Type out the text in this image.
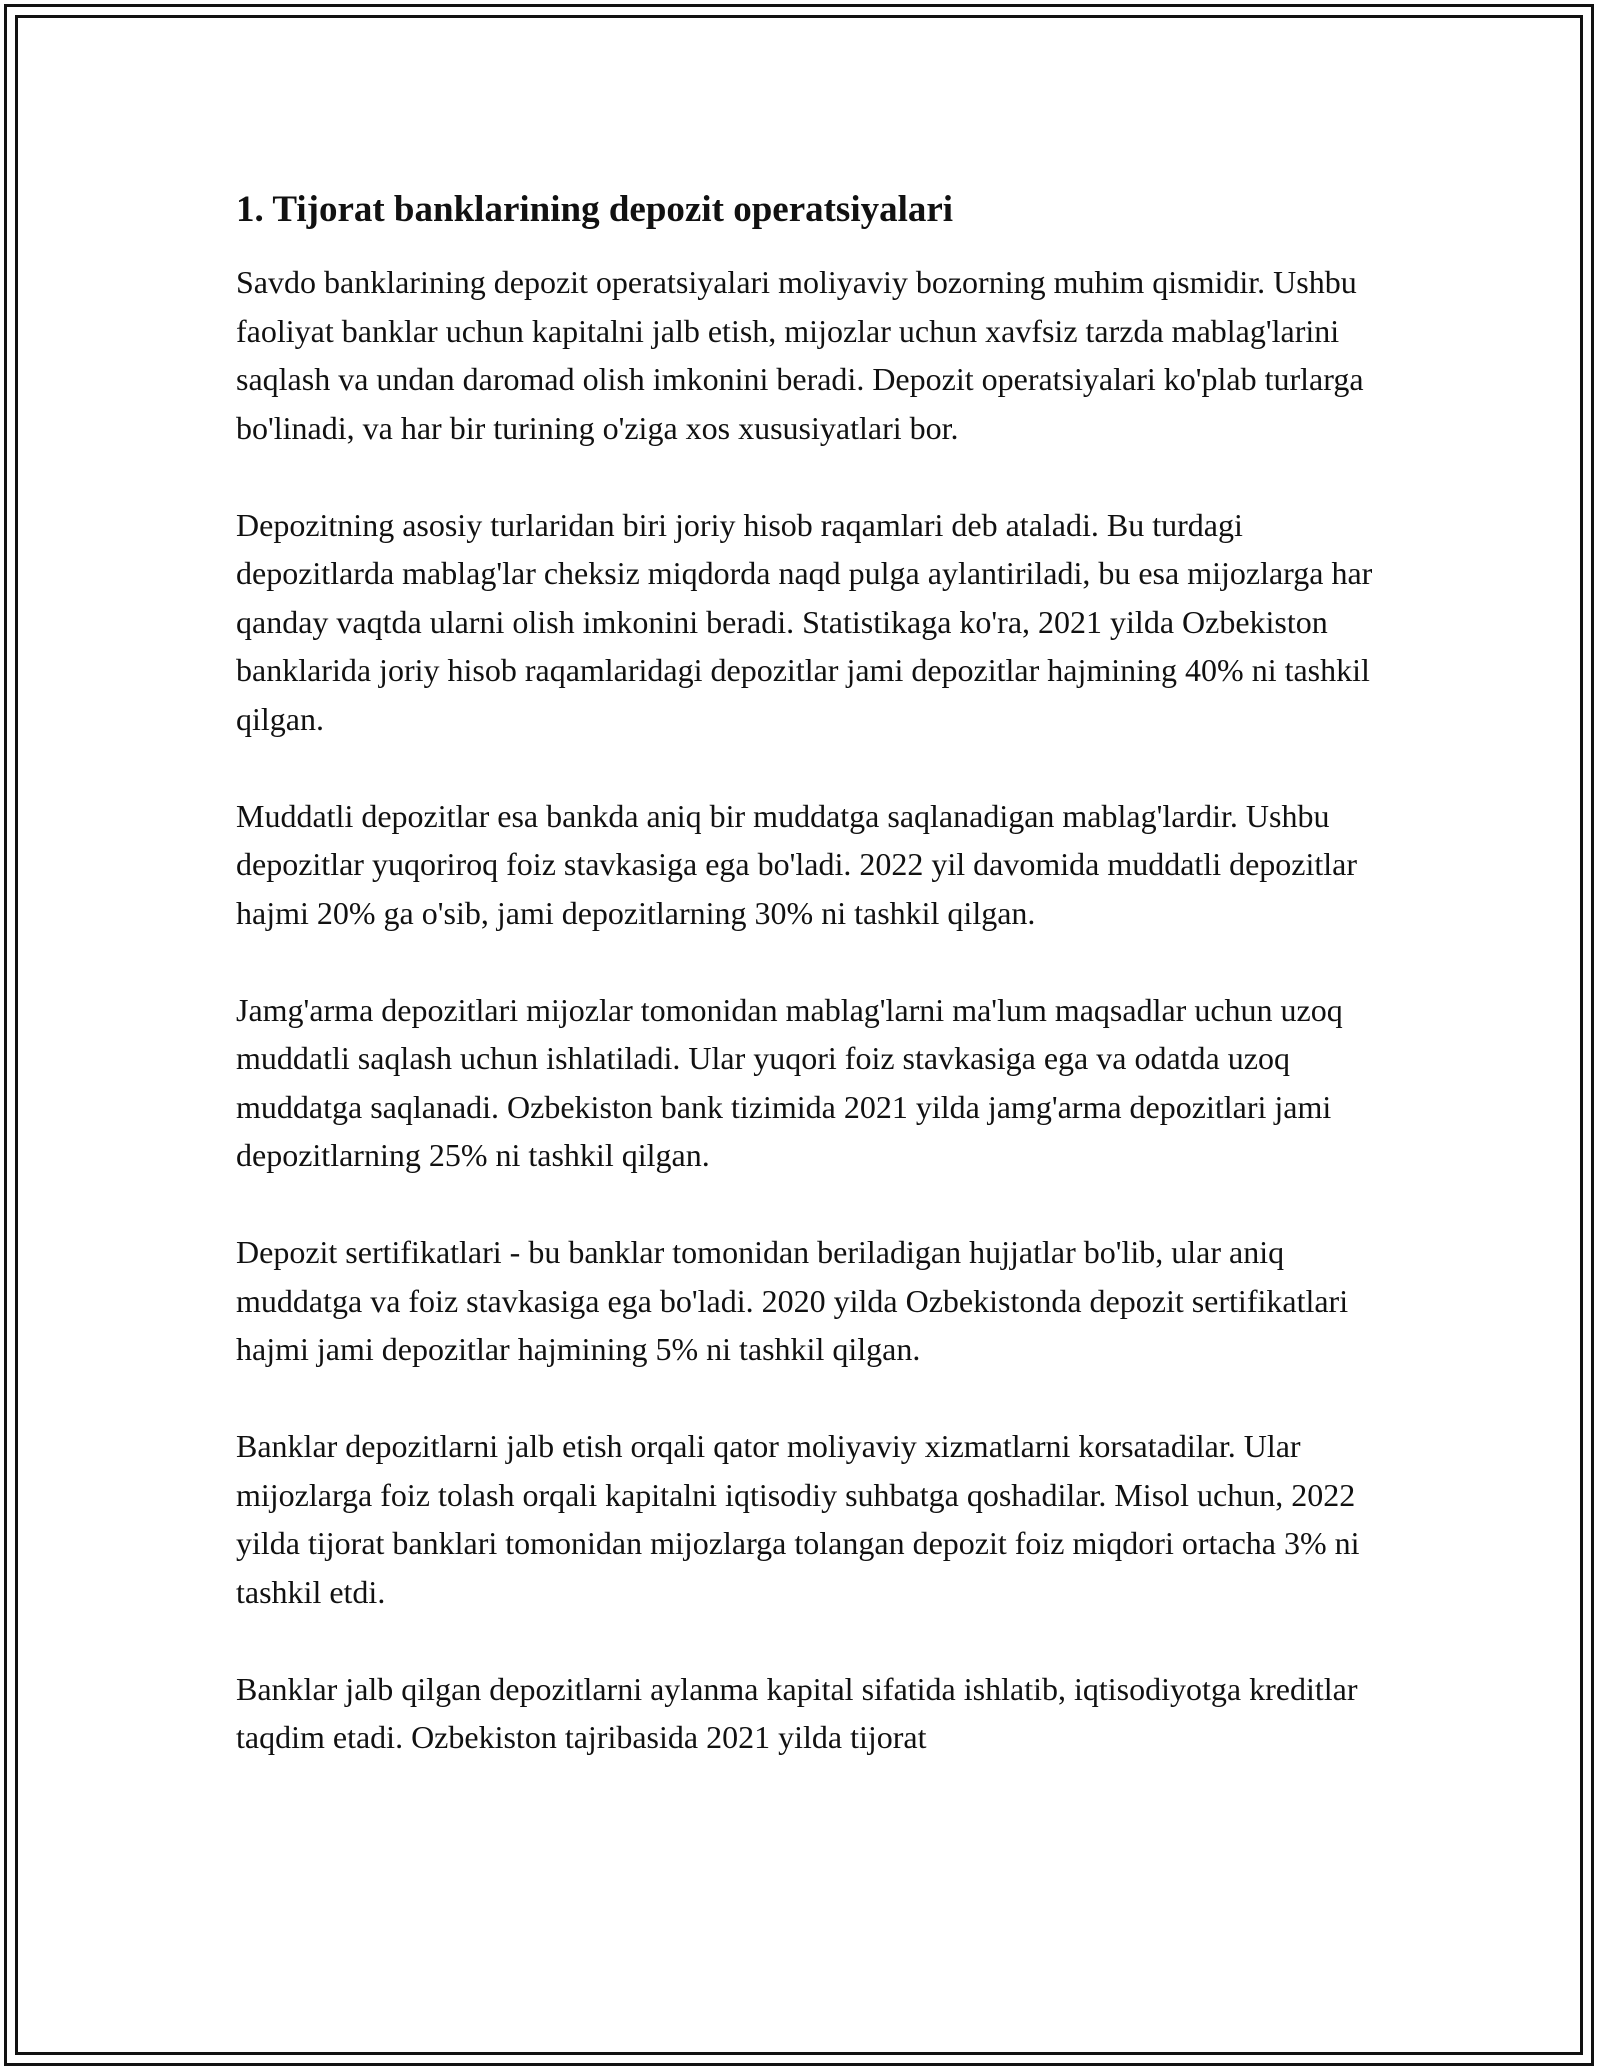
1. Tijorat banklarining depozit operatsiyalari

Savdo banklarining depozit operatsiyalari moliyaviy bozorning muhim qismidir. Ushbu faoliyat banklar uchun kapitalni jalb etish, mijozlar uchun xavfsiz tarzda mablag'larini saqlash va undan daromad olish imkonini beradi. Depozit operatsiyalari ko'plab turlarga bo'linadi, va har bir turining o'ziga xos xususiyatlari bor.

Depozitning asosiy turlaridan biri joriy hisob raqamlari deb ataladi. Bu turdagi depozitlarda mablag'lar cheksiz miqdorda naqd pulga aylantiriladi, bu esa mijozlarga har qanday vaqtda ularni olish imkonini beradi. Statistikaga ko'ra, 2021 yilda Ozbekiston banklarida joriy hisob raqamlaridagi depozitlar jami depozitlar hajmining 40% ni tashkil qilgan.

Muddatli depozitlar esa bankda aniq bir muddatga saqlanadigan mablag'lardir. Ushbu depozitlar yuqoriroq foiz stavkasiga ega bo'ladi. 2022 yil davomida muddatli depozitlar hajmi 20% ga o'sib, jami depozitlarning 30% ni tashkil qilgan.

Jamg'arma depozitlari mijozlar tomonidan mablag'larni ma'lum maqsadlar uchun uzoq muddatli saqlash uchun ishlatiladi. Ular yuqori foiz stavkasiga ega va odatda uzoq muddatga saqlanadi. Ozbekiston bank tizimida 2021 yilda jamg'arma depozitlari jami depozitlarning 25% ni tashkil qilgan.

Depozit sertifikatlari - bu banklar tomonidan beriladigan hujjatlar bo'lib, ular aniq muddatga va foiz stavkasiga ega bo'ladi. 2020 yilda Ozbekistonda depozit sertifikatlari hajmi jami depozitlar hajmining 5% ni tashkil qilgan.

Banklar depozitlarni jalb etish orqali qator moliyaviy xizmatlarni korsatadilar. Ular mijozlarga foiz tolash orqali kapitalni iqtisodiy suhbatga qoshadilar. Misol uchun, 2022 yilda tijorat banklari tomonidan mijozlarga tolangan depozit foiz miqdori ortacha 3% ni tashkil etdi.

Banklar jalb qilgan depozitlarni aylanma kapital sifatida ishlatib, iqtisodiyotga kreditlar taqdim etadi. Ozbekiston tajribasida 2021 yilda tijorat
